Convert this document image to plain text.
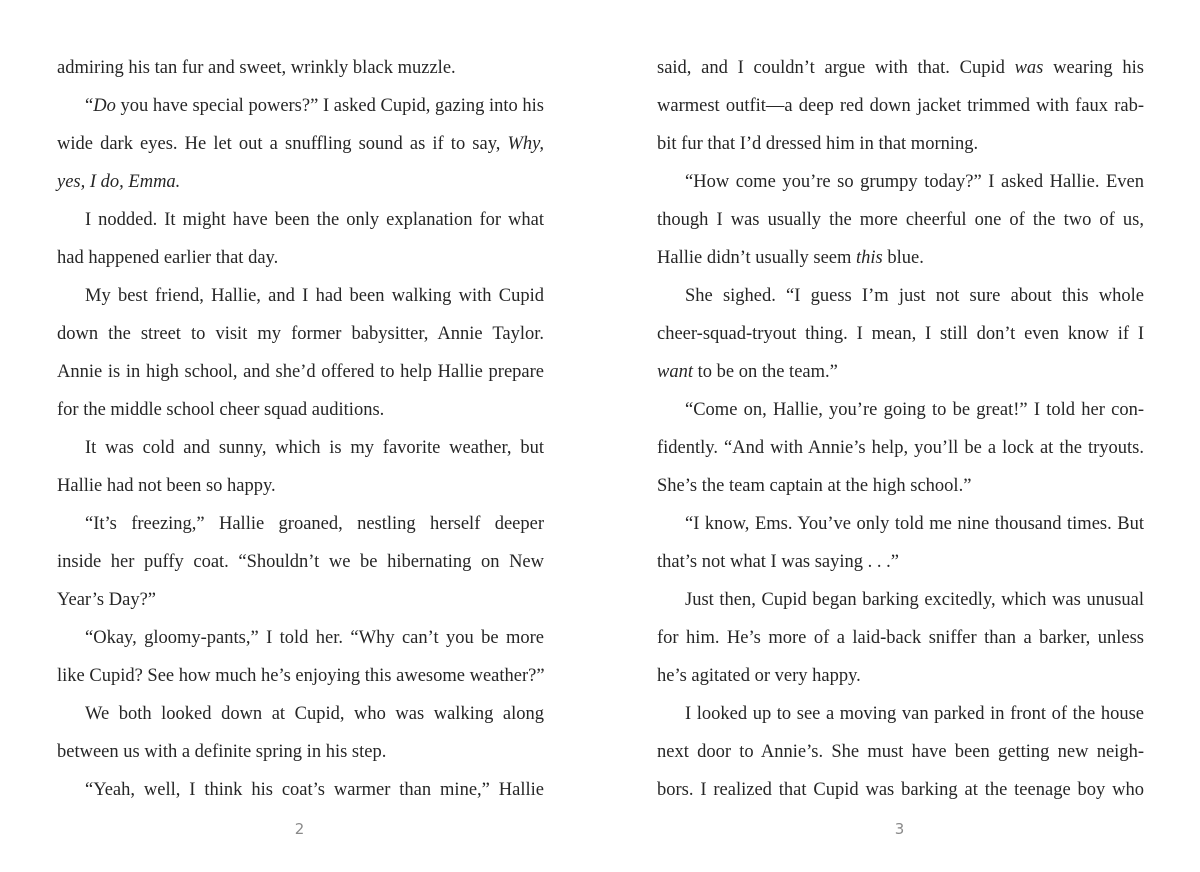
admiring his tan fur and sweet, wrinkly black muzzle.
“Do you have special powers?” I asked Cupid, gazing into his
wide dark eyes. He let out a snuffling sound as if to say, Why,
yes, I do, Emma.
I nodded. It might have been the only explanation for what
had happened earlier that day.
My best friend, Hallie, and I had been walking with Cupid
down the street to visit my former babysitter, Annie Taylor.
Annie is in high school, and she’d offered to help Hallie prepare
for the middle school cheer squad auditions.
It was cold and sunny, which is my favorite weather, but
Hallie had not been so happy.
“It’s freezing,” Hallie groaned, nestling herself deeper
inside her puffy coat. “Shouldn’t we be hibernating on New
Year’s Day?”
“Okay, gloomy-pants,” I told her. “Why can’t you be more
like Cupid? See how much he’s enjoying this awesome weather?”
We both looked down at Cupid, who was walking along
between us with a definite spring in his step.
“Yeah, well, I think his coat’s warmer than mine,” Hallie
said, and I couldn’t argue with that. Cupid was wearing his
warmest outfit—a deep red down jacket trimmed with faux rab-
bit fur that I’d dressed him in that morning.
“How come you’re so grumpy today?” I asked Hallie. Even
though I was usually the more cheerful one of the two of us,
Hallie didn’t usually seem this blue.
She sighed. “I guess I’m just not sure about this whole
cheer-squad-tryout thing. I mean, I still don’t even know if I
want to be on the team.”
“Come on, Hallie, you’re going to be great!” I told her con-
fidently. “And with Annie’s help, you’ll be a lock at the tryouts.
She’s the team captain at the high school.”
“I know, Ems. You’ve only told me nine thousand times. But
that’s not what I was saying . . .”
Just then, Cupid began barking excitedly, which was unusual
for him. He’s more of a laid-back sniffer than a barker, unless
he’s agitated or very happy.
I looked up to see a moving van parked in front of the house
next door to Annie’s. She must have been getting new neigh-
bors. I realized that Cupid was barking at the teenage boy who
2	3
